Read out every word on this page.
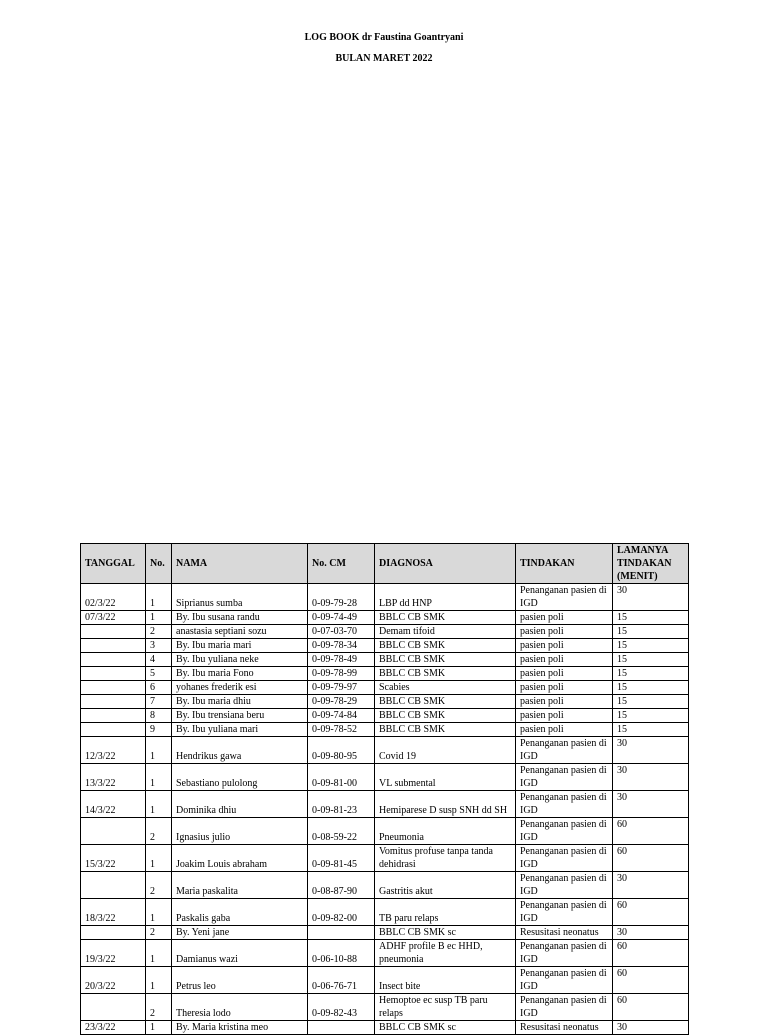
LOG BOOK dr Faustina Goantryani
BULAN MARET 2022
TANGGAL	No.	NAMA	No. CM	DIAGNOSA	TINDAKAN	LAMANYA TINDAKAN (MENIT)
02/3/22	1	Siprianus sumba	0-09-79-28	LBP dd HNP	Penanganan pasien di IGD	30
07/3/22	1	By. Ibu susana randu	0-09-74-49	BBLC CB SMK	pasien poli	15
	2	anastasia septiani sozu	0-07-03-70	Demam tifoid	pasien poli	15
	3	By. Ibu maria mari	0-09-78-34	BBLC CB SMK	pasien poli	15
	4	By. Ibu yuliana neke	0-09-78-49	BBLC CB SMK	pasien poli	15
	5	By. Ibu maria Fono	0-09-78-99	BBLC CB SMK	pasien poli	15
	6	yohanes frederik esi	0-09-79-97	Scabies	pasien poli	15
	7	By. Ibu maria dhiu	0-09-78-29	BBLC CB SMK	pasien poli	15
	8	By. Ibu trensiana beru	0-09-74-84	BBLC CB SMK	pasien poli	15
	9	By. Ibu yuliana mari	0-09-78-52	BBLC CB SMK	pasien poli	15
12/3/22	1	Hendrikus gawa	0-09-80-95	Covid 19	Penanganan pasien di IGD	30
13/3/22	1	Sebastiano pulolong	0-09-81-00	VL submental	Penanganan pasien di IGD	30
14/3/22	1	Dominika dhiu	0-09-81-23	Hemiparese D susp SNH dd SH	Penanganan pasien di IGD	30
	2	Ignasius julio	0-08-59-22	Pneumonia	Penanganan pasien di IGD	60
15/3/22	1	Joakim Louis abraham	0-09-81-45	Vomitus profuse tanpa tanda dehidrasi	Penanganan pasien di IGD	60
	2	Maria paskalita	0-08-87-90	Gastritis akut	Penanganan pasien di IGD	30
18/3/22	1	Paskalis gaba	0-09-82-00	TB paru relaps	Penanganan pasien di IGD	60
	2	By. Yeni jane		BBLC CB SMK sc	Resusitasi neonatus	30
19/3/22	1	Damianus wazi	0-06-10-88	ADHF profile B ec HHD, pneumonia	Penanganan pasien di IGD	60
20/3/22	1	Petrus leo	0-06-76-71	Insect bite	Penanganan pasien di IGD	60
	2	Theresia lodo	0-09-82-43	Hemoptoe ec susp TB paru relaps	Penanganan pasien di IGD	60
23/3/22	1	By. Maria kristina meo		BBLC CB SMK sc	Resusitasi neonatus	30
